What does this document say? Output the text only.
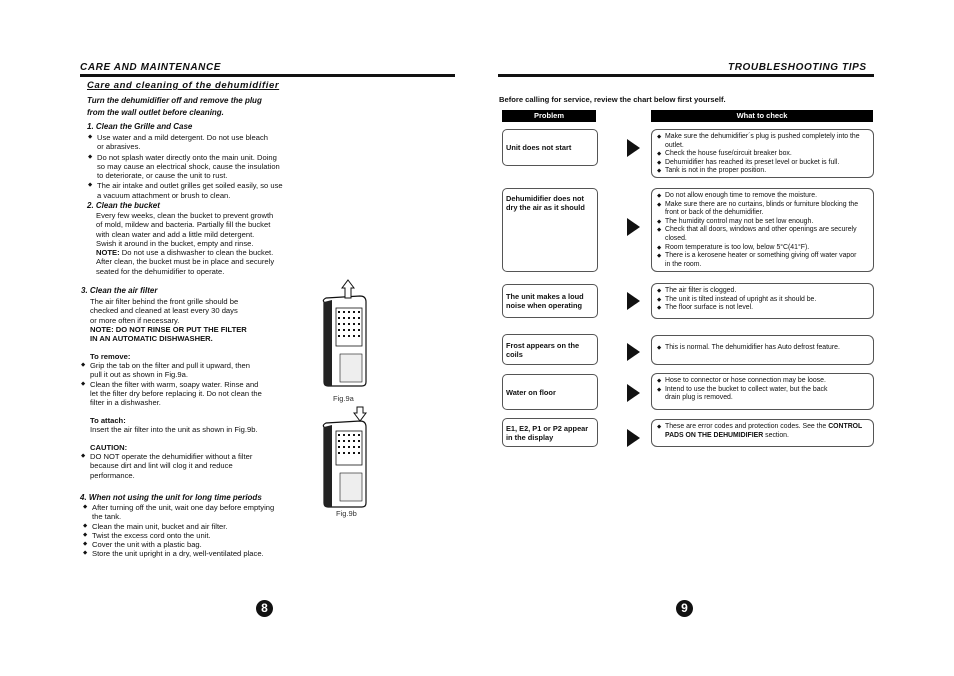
CARE AND MAINTENANCE
Care and cleaning of the dehumidifier
Turn the dehumidifier off and remove the plug
from the wall outlet before cleaning.
1. Clean the Grille and Case
◆ Use water and a mild detergent. Do not use bleach
or abrasives.
◆ Do not splash water directly onto the main unit. Doing
so may cause an electrical shock, cause the insulation
to deteriorate, or cause the unit to rust.
◆ The air intake and outlet grilles get soiled easily, so use
a vacuum attachment or brush to clean.
2. Clean the bucket
Every few weeks, clean the bucket to prevent growth
of mold, mildew and bacteria. Partially fill the bucket
with clean water and add a little mild detergent.
Swish it around in the bucket, empty and rinse.
NOTE: Do not use a dishwasher to clean the bucket.
After clean, the bucket must be in place and securely
seated for the dehumidifier to operate.
3. Clean the air filter
The air filter behind the front grille should be
checked and cleaned at least every 30 days
or more often if necessary.
NOTE: DO NOT RINSE OR PUT THE FILTER
IN AN AUTOMATIC DISHWASHER.
To remove:
◆ Grip the tab on the filter and pull it upward, then
pull it out as shown in Fig.9a.
◆ Clean the filter with warm, soapy water. Rinse and
let the filter dry before replacing it. Do not clean the
filter in a dishwasher.
To attach:
Insert the air filter into the unit as shown in Fig.9b.
CAUTION:
◆ DO NOT operate the dehumidifier without a filter
because dirt and lint will clog it and reduce
performance.
4. When not using the unit for long time periods
◆ After turning off the unit, wait one day before emptying
the tank.
◆ Clean the main unit, bucket and air filter.
◆ Twist the excess cord onto the unit.
◆ Cover the unit with a plastic bag.
◆ Store the unit upright in a dry, well-ventilated place.
Fig.9a
Fig.9b
8
TROUBLESHOOTING TIPS
Before calling for service, review the chart below first yourself.
Problem	What to check
Unit does not start
◆ Make sure the dehumidifier´s plug is pushed completely into the
outlet.
◆ Check the house fuse/circuit breaker box.
◆ Dehumidifier has reached its preset level or bucket is full.
◆ Tank is not in the proper position.
Dehumidifier does not
dry the air as it should
◆ Do not allow enough time to remove the moisture.
◆ Make sure there are no curtains, blinds or furniture blocking the
front or back of the dehumidifier.
◆ The humidity control may not be set low enough.
◆ Check that all doors, windows and other openings are securely
closed.
◆ Room temperature is too low, below 5°C(41°F).
◆ There is a kerosene heater or something giving off water vapor
in the room.
The unit makes a loud
noise when operating
◆ The air filter is clogged.
◆ The unit is tilted instead of upright as it should be.
◆ The floor surface is not level.
Frost appears on the
coils
◆ This is normal. The dehumidifier has Auto defrost feature.
Water on floor
◆ Hose to connector or hose connection may be loose.
◆ Intend to use the bucket to collect water, but the back
drain plug is removed.
E1, E2, P1 or P2 appear
in the display
◆ These are error codes and protection codes. See the CONTROL
PADS ON THE DEHUMIDIFIER section.
9
